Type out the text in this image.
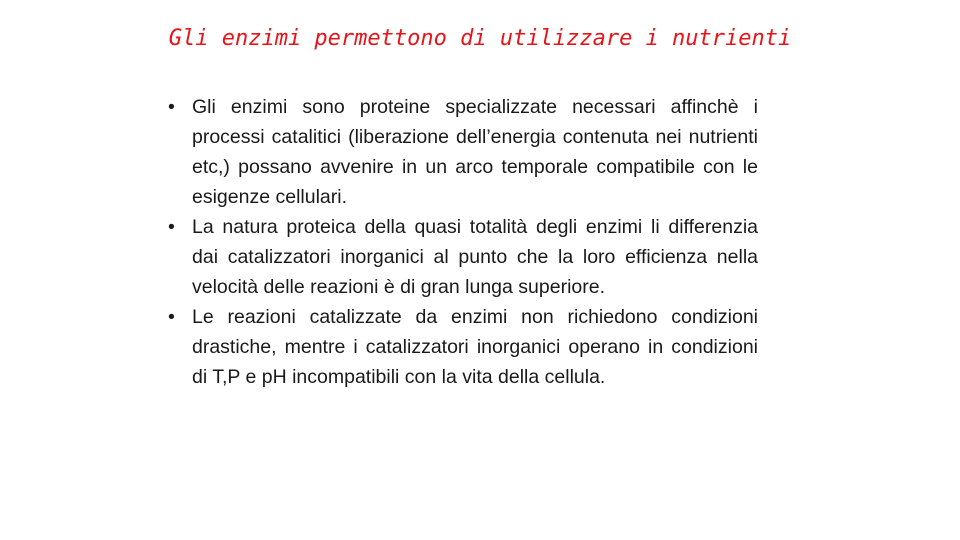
Gli enzimi permettono di utilizzare i nutrienti
• Gli enzimi sono proteine specializzate necessari affinchè i processi catalitici (liberazione dell’energia contenuta nei nutrienti etc,) possano avvenire in un arco temporale compatibile con le esigenze cellulari.
• La natura proteica della quasi totalità degli enzimi li differenzia dai catalizzatori inorganici al punto che la loro efficienza nella velocità delle reazioni è di gran lunga superiore.
• Le reazioni catalizzate da enzimi non richiedono condizioni drastiche, mentre i catalizzatori inorganici operano in condizioni di T,P e pH incompatibili con la vita della cellula.
